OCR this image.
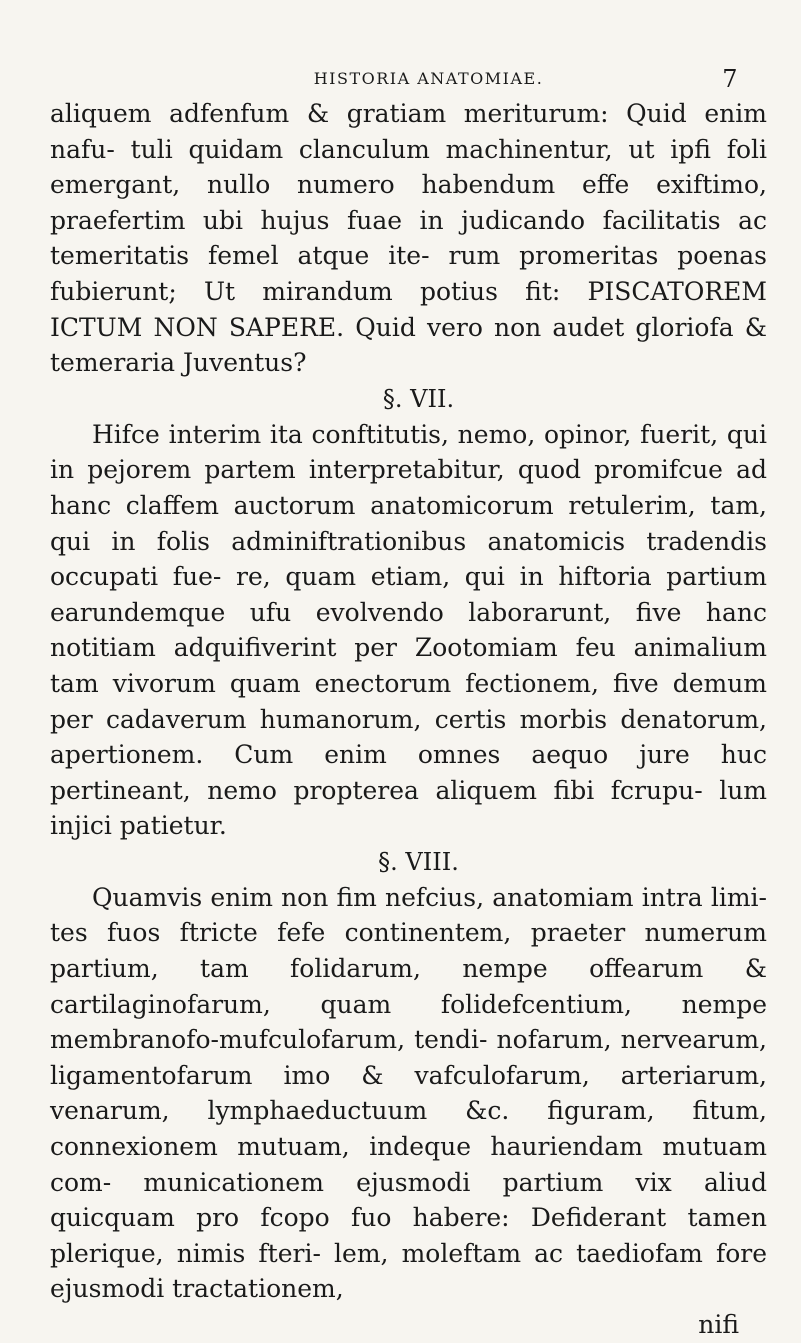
HISTORIA ANATOMIAE.	7

aliquem adfenfum & gratiam meriturum: Quid enim nafu- tuli quidam clanculum machinentur, ut ipfi foli emergant, nullo numero habendum effe exiftimo, praefertim ubi hujus fuae in judicando facilitatis ac temeritatis femel atque ite- rum promeritas poenas fubierunt; Ut mirandum potius fit: PISCATOREM ICTUM NON SAPERE. Quid vero non audet gloriofa & temeraria Juventus?

§. VII.

Hifce interim ita conftitutis, nemo, opinor, fuerit, qui in pejorem partem interpretabitur, quod promifcue ad hanc claffem auctorum anatomicorum retulerim, tam, qui in folis adminiftrationibus anatomicis tradendis occupati fue- re, quam etiam, qui in hiftoria partium earundemque ufu evolvendo laborarunt, five hanc notitiam adquifiverint per Zootomiam feu animalium tam vivorum quam enectorum fectionem, five demum per cadaverum humanorum, certis morbis denatorum, apertionem. Cum enim omnes aequo jure huc pertineant, nemo propterea aliquem fibi fcrupu- lum injici patietur.

§. VIII.

Quamvis enim non fim nefcius, anatomiam intra limi- tes fuos ftricte fefe continentem, praeter numerum partium, tam folidarum, nempe offearum & cartilaginofarum, quam folidefcentium, nempe membranofo-mufculofarum, tendi- nofarum, nervearum, ligamentofarum imo & vafculofarum, arteriarum, venarum, lymphaeductuum &c. figuram, fitum, connexionem mutuam, indeque hauriendam mutuam com- municationem ejusmodi partium vix aliud quicquam pro fcopo fuo habere: Defiderant tamen plerique, nimis fteri- lem, moleftam ac taediofam fore ejusmodi tractationem,

nifi
